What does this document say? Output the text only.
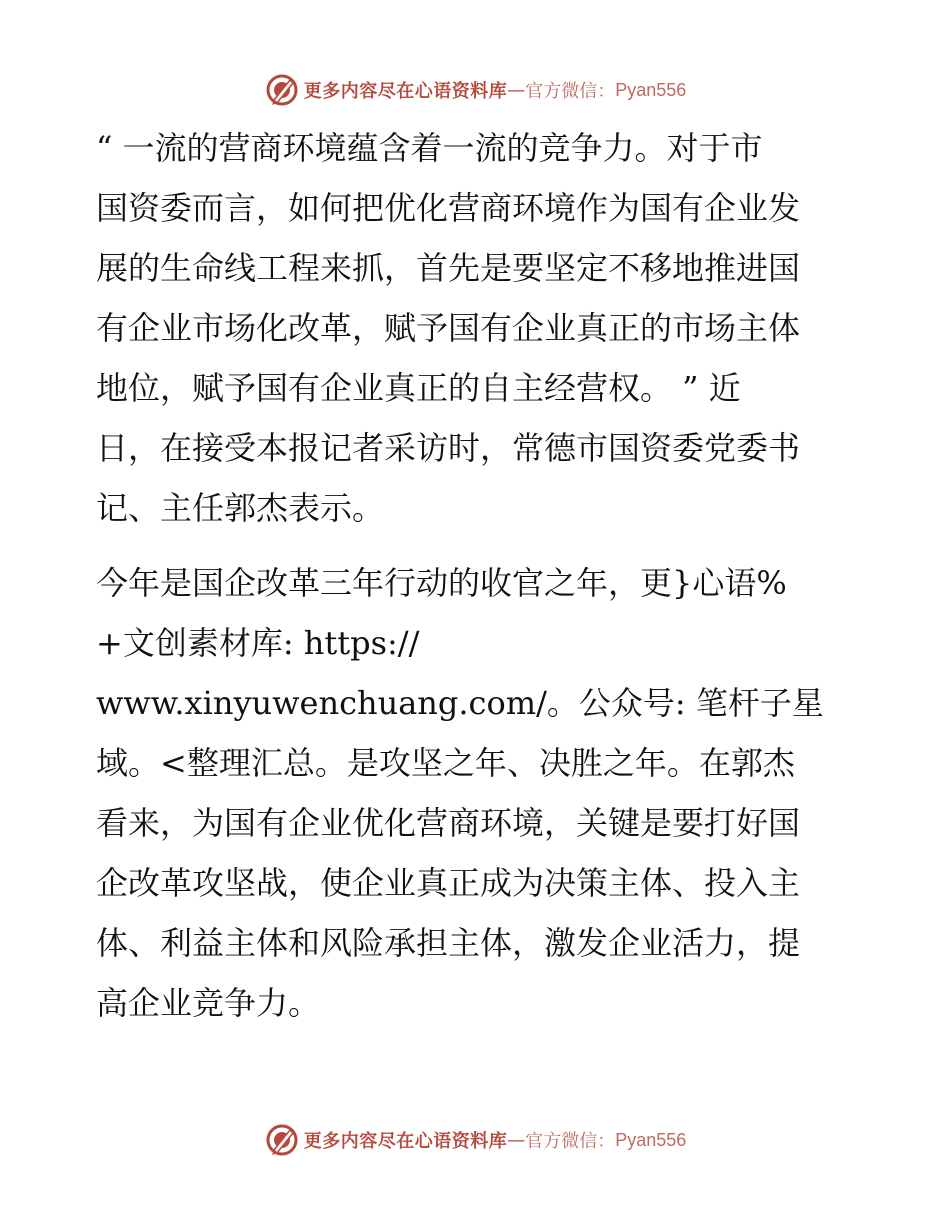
更多内容尽在心语资料库 — 官方微信： Pyan556

“ 一流的营商环境蕴含着一流的竞争力。对于市
国资委而言，如何把优化营商环境作为国有企业发
展的生命线工程来抓，首先是要坚定不移地推进国
有企业市场化改革，赋予国有企业真正的市场主体
地位，赋予国有企业真正的自主经营权。 ” 近
日，在接受本报记者采访时，常德市国资委党委书
记、主任郭杰表示。

今年是国企改革三年行动的收官之年，更}心语%
+文创素材库: https://
www.xinyuwenchuang.com/。公众号: 笔杆子星
域。<整理汇总。是攻坚之年、决胜之年。在郭杰
看来，为国有企业优化营商环境，关键是要打好国
企改革攻坚战，使企业真正成为决策主体、投入主
体、利益主体和风险承担主体，激发企业活力，提
高企业竞争力。

更多内容尽在心语资料库 — 官方微信： Pyan556
